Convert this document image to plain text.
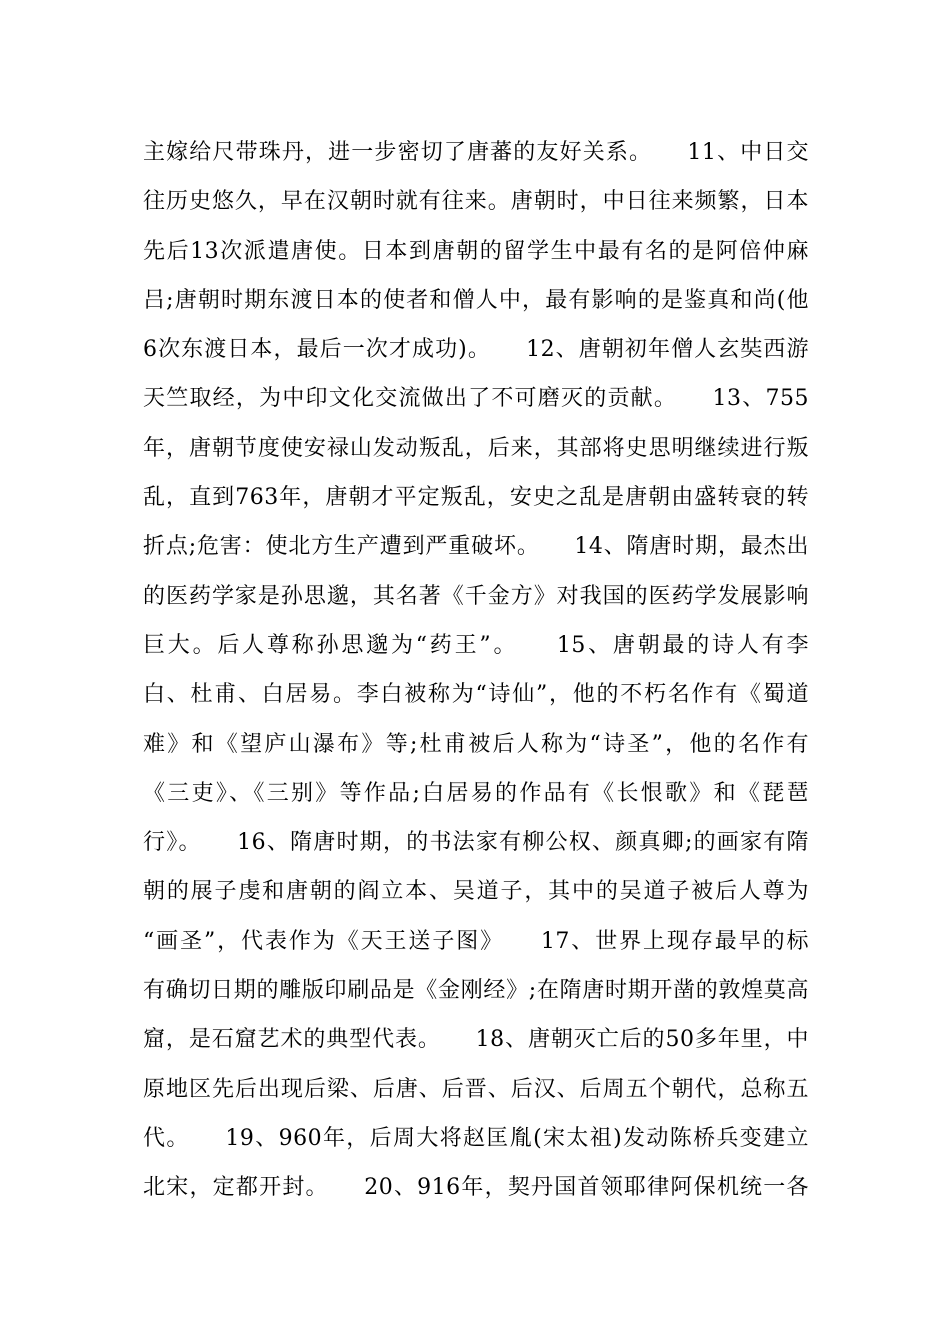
主嫁给尺带珠丹，进一步密切了唐蕃的友好关系。　　11、中日交
往历史悠久，早在汉朝时就有往来。唐朝时，中日往来频繁，日本
先后13次派遣唐使。日本到唐朝的留学生中最有名的是阿倍仲麻
吕;唐朝时期东渡日本的使者和僧人中，最有影响的是鉴真和尚(他
6次东渡日本，最后一次才成功)。　　12、唐朝初年僧人玄奘西游
天竺取经，为中印文化交流做出了不可磨灭的贡献。　　13、755
年，唐朝节度使安禄山发动叛乱，后来，其部将史思明继续进行叛
乱，直到763年，唐朝才平定叛乱，安史之乱是唐朝由盛转衰的转
折点;危害：使北方生产遭到严重破坏。　　14、隋唐时期，最杰出
的医药学家是孙思邈，其名著《千金方》对我国的医药学发展影响
巨大。后人尊称孙思邈为“药王”。　　15、唐朝最的诗人有李
白、杜甫、白居易。李白被称为“诗仙”，他的不朽名作有《蜀道
难》和《望庐山瀑布》等;杜甫被后人称为“诗圣”，他的名作有
《三吏》、《三别》等作品;白居易的作品有《长恨歌》和《琵琶
行》。　　16、隋唐时期，的书法家有柳公权、颜真卿;的画家有隋
朝的展子虔和唐朝的阎立本、吴道子，其中的吴道子被后人尊为
“画圣”，代表作为《天王送子图》　　17、世界上现存最早的标
有确切日期的雕版印刷品是《金刚经》;在隋唐时期开凿的敦煌莫高
窟，是石窟艺术的典型代表。　　18、唐朝灭亡后的50多年里，中
原地区先后出现后梁、后唐、后晋、后汉、后周五个朝代，总称五
代。　　19、960年，后周大将赵匡胤(宋太祖)发动陈桥兵变建立
北宋，定都开封。　　20、916年，契丹国首领耶律阿保机统一各
